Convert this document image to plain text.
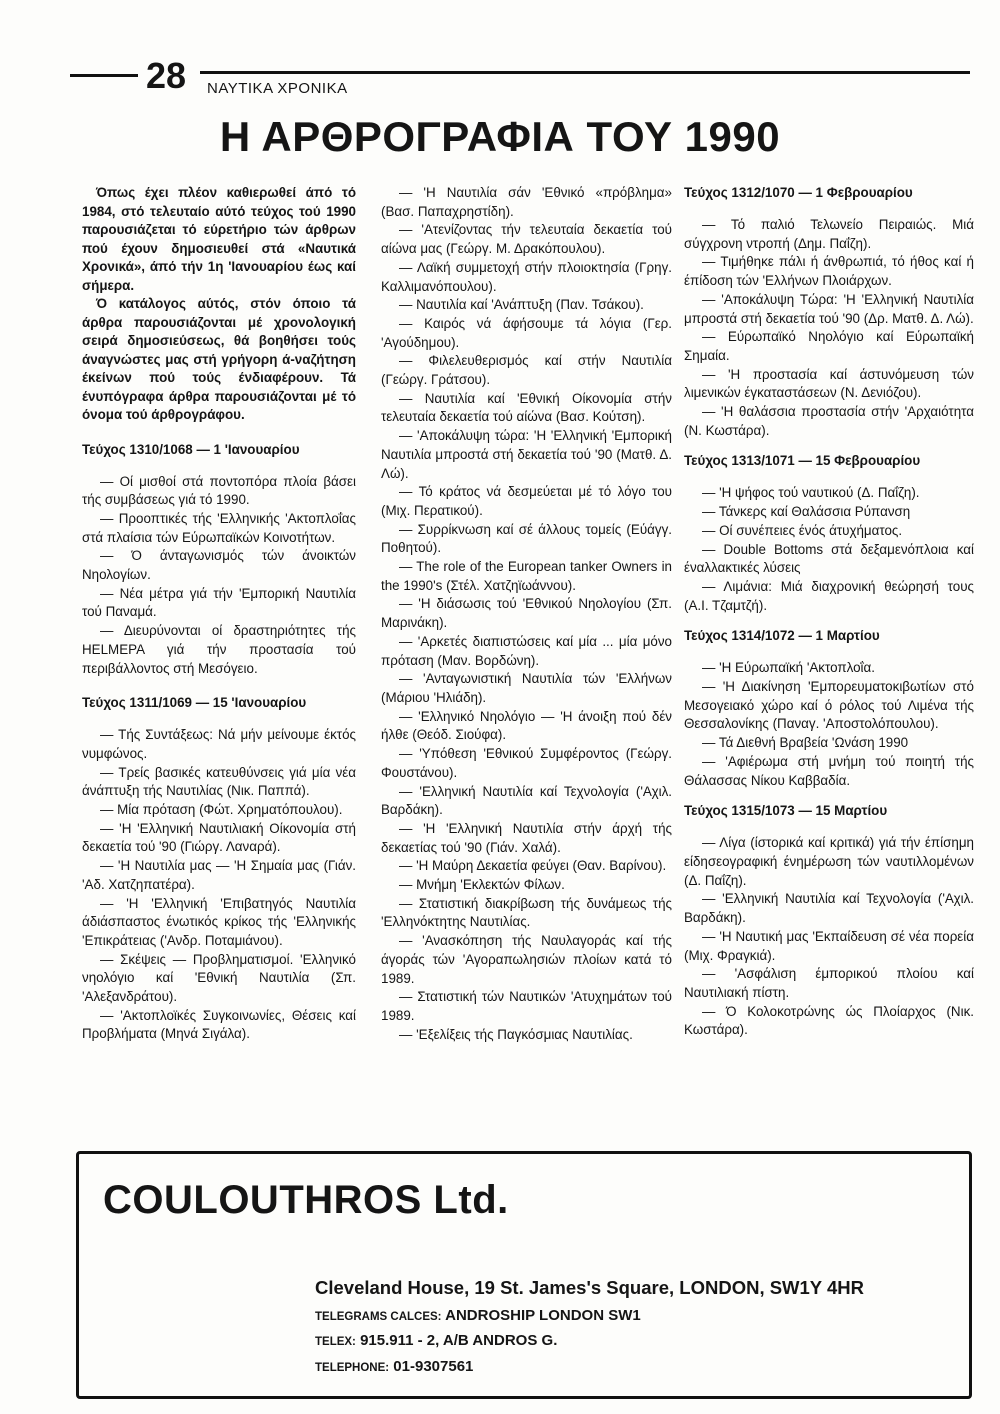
28 ΝΑΥΤΙΚΑ ΧΡΟΝΙΚΑ
Η ΑΡΘΡΟΓΡΑΦΙΑ ΤΟΥ 1990

Όπως έχει πλέον καθιερωθεί άπό τό 1984, στό τελευταίο αύτό τεύχος τού 1990 παρουσιάζεται τό εύρετήριο τών άρθρων πού έχουν δημοσιευθεί στά «Ναυτικά Χρονικά», άπό τήν 1η 'Ιανουαρίου έως καί σήμερα.

Ό κατάλογος αύτός, στόν όποιο τά άρθρα παρουσιάζονται μέ χρονολογική σειρά δημοσιεύσεως, θά βοηθήσει τούς άναγνώστες μας στή γρήγορη ά-ναζήτηση έκείνων πού τούς ένδιαφέρουν. Τά ένυπόγραφα άρθρα παρουσιάζονται μέ τό όνομα τού άρθρογράφου.

Τεύχος 1310/1068 — 1 'Ιανουαρίου
— Οί μισθοί στά ποντοπόρα πλοία βάσει τής συμβάσεως γιά τό 1990.
— Προοπτικές τής 'Ελληνικής 'Ακτοπλοΐας στά πλαίσια τών Εύρωπαϊκών Κοινοτήτων.
— Ό άνταγωνισμός τών άνοικτών Νηολογίων.
— Νέα μέτρα γιά τήν 'Εμπορική Ναυτιλία τού Παναμά.
— Διευρύνονται οί δραστηριότητες τής HELMEPA γιά τήν προστασία τού περιβάλλοντος στή Μεσόγειο.
Τεύχος 1311/1069 — 15 'Ιανουαρίου
— Τής Συντάξεως: Νά μήν μείνουμε έκτός νυμφώνος.
— Τρείς βασικές κατευθύνσεις γιά μία νέα άνάπτυξη τής Ναυτιλίας (Νικ. Παππά).
— Μία πρόταση (Φώτ. Χρηματόπουλου).
— 'Η 'Ελληνική Ναυτιλιακή Οίκονομία στή δεκαετία τού '90 (Γιώργ. Λαναρά).
— 'Η Ναυτιλία μας — 'Η Σημαία μας (Γιάν. 'Αδ. Χατζηπατέρα).
— 'Η 'Ελληνική 'Επιβατηγός Ναυτιλία άδιάσπαστος ένωτικός κρίκος τής 'Ελληνικής 'Επικράτειας ('Ανδρ. Ποταμιάνου).
— Σκέψεις — Προβληματισμοί. 'Ελληνικό νηολόγιο καί 'Εθνική Ναυτιλία (Σπ. 'Αλεξανδράτου).
— 'Ακτοπλοϊκές Συγκοινωνίες, Θέσεις καί Προβλήματα (Μηνά Σιγάλα).
— 'Η Ναυτιλία σάν 'Εθνικό «πρόβλημα» (Βασ. Παπαχρηστίδη).
— 'Ατενίζοντας τήν τελευταία δεκαετία τού αίώνα μας (Γεώργ. Μ. Δρακόπουλου).
— Λαϊκή συμμετοχή στήν πλοιοκτησία (Γρηγ. Καλλιμανόπουλου).
— Ναυτιλία καί 'Ανάπτυξη (Παν. Τσάκου).
— Καιρός νά άφήσουμε τά λόγια (Γερ. 'Αγούδημου).
— Φιλελευθερισμός καί στήν Ναυτιλία (Γεώργ. Γράτσου).
— Ναυτιλία καί 'Εθνική Οίκονομία στήν τελευταία δεκαετία τού αίώνα (Βασ. Κούτση).
— 'Αποκάλυψη τώρα: 'Η 'Ελληνική 'Εμπορική Ναυτιλία μπροστά στή δεκαετία τού '90 (Ματθ. Δ. Λώ).
— Τό κράτος νά δεσμεύεται μέ τό λόγο του (Μιχ. Περατικού).
— Συρρίκνωση καί σέ άλλους τομείς (Εύάγγ. Ποθητού).
— The role of the European tanker Owners in the 1990's (Στέλ. Χατζηϊωάννου).
— 'Η διάσωσις τού 'Εθνικού Νηολογίου (Σπ. Μαρινάκη).
— 'Αρκετές διαπιστώσεις καί μία ... μία μόνο πρόταση (Μαν. Βορδώνη).
— 'Ανταγωνιστική Ναυτιλία τών 'Ελλήνων (Μάριου 'Ηλιάδη).
— 'Ελληνικό Νηολόγιο — 'Η άνοιξη πού δέν ήλθε (Θεόδ. Σιούφα).
— 'Υπόθεση 'Εθνικού Συμφέροντος (Γεώργ. Φουστάνου).
— 'Ελληνική Ναυτιλία καί Τεχνολογία ('Αχιλ. Βαρδάκη).
— 'Η 'Ελληνική Ναυτιλία στήν άρχή τής δεκαετίας τού '90 (Γιάν. Χαλά).
— 'Η Μαύρη Δεκαετία φεύγει (Θαν. Βαρίνου).
— Μνήμη 'Εκλεκτών Φίλων.
— Στατιστική διακρίβωση τής δυνάμεως τής 'Ελληνόκτητης Ναυτιλίας.
— 'Ανασκόπηση τής Ναυλαγοράς καί τής άγοράς τών 'Αγοραπωλησιών πλοίων κατά τό 1989.
— Στατιστική τών Ναυτικών 'Ατυχημάτων τού 1989.
— 'Εξελίξεις τής Παγκόσμιας Ναυτιλίας.
Τεύχος 1312/1070 — 1 Φεβρουαρίου
— Τό παλιό Τελωνείο Πειραιώς. Μιά σύγχρονη ντροπή (Δημ. Παΐζη).
— Τιμήθηκε πάλι ή άνθρωπιά, τό ήθος καί ή έπίδοση τών 'Ελλήνων Πλοιάρχων.
— 'Αποκάλυψη Τώρα: 'Η 'Ελληνική Ναυτιλία μπροστά στή δεκαετία τού '90 (Δρ. Ματθ. Δ. Λώ).
— Εύρωπαϊκό Νηολόγιο καί Εύρωπαϊκή Σημαία.
— 'Η προστασία καί άστυνόμευση τών λιμενικών έγκαταστάσεων (Ν. Δενιόζου).
— 'Η θαλάσσια προστασία στήν 'Αρχαιότητα (Ν. Κωστάρα).
Τεύχος 1313/1071 — 15 Φεβρουαρίου
— 'Η ψήφος τού ναυτικού (Δ. Παΐζη).
— Τάνκερς καί Θαλάσσια Ρύπανση
— Οί συνέπειες ένός άτυχήματος.
— Double Bottoms στά δεξαμενόπλοια καί έναλλακτικές λύσεις
— Λιμάνια: Μιά διαχρονική θεώρησή τους (Α.Ι. Τζαμτζή).
Τεύχος 1314/1072 — 1 Μαρτίου
— 'Η Εύρωπαϊκή 'Ακτοπλοΐα.
— 'Η Διακίνηση 'Εμπορευματοκιβωτίων στό Μεσογειακό χώρο καί ό ρόλος τού Λιμένα τής Θεσσαλονίκης (Παναγ. 'Αποστολόπουλου).
— Τά Διεθνή Βραβεία 'Ωνάση 1990
— 'Αφιέρωμα στή μνήμη τού ποιητή τής Θάλασσας Νίκου Καββαδία.
Τεύχος 1315/1073 — 15 Μαρτίου
— Λίγα (ίστορικά καί κριτικά) γιά τήν έπίσημη είδησεογραφική ένημέρωση τών ναυτιλλομένων (Δ. Παΐζη).
— 'Ελληνική Ναυτιλία καί Τεχνολογία ('Αχιλ. Βαρδάκη).
— 'Η Ναυτική μας 'Εκπαίδευση σέ νέα πορεία (Μιχ. Φραγκιά).
— 'Ασφάλιση έμπορικού πλοίου καί Ναυτιλιακή πίστη.
— Ό Κολοκοτρώνης ώς Πλοίαρχος (Νικ. Κωστάρα).
COULOUTHROS Ltd.
Cleveland House, 19 St. James's Square, LONDON, SW1Y 4HR
TELEGRAMS CALCES: ANDROSHIP LONDON SW1
TELEX: 915.911 - 2, A/B ANDROS G.
TELEPHONE: 01-9307561
